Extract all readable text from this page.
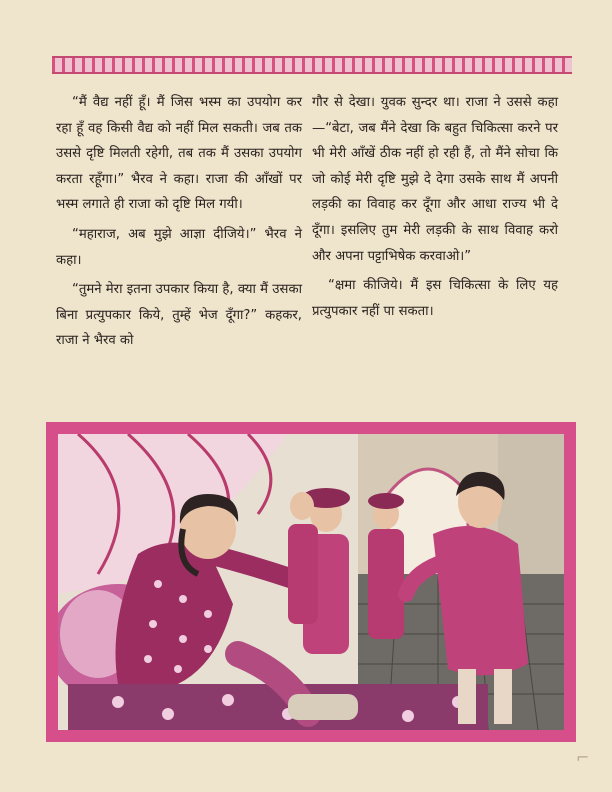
“मैं वैद्य नहीं हूँ। मैं जिस भस्म का उपयोग कर रहा हूँ वह किसी वैद्य को नहीं मिल सकती। जब तक उससे दृष्टि मिलती रहेगी, तब तक मैं उसका उपयोग करता रहूँगा।” भैरव ने कहा। राजा की आँखों पर भस्म लगाते ही राजा को दृष्टि मिल गयी।

“महाराज, अब मुझे आज्ञा दीजिये।” भैरव ने कहा।

“तुमने मेरा इतना उपकार किया है, क्या मैं उसका बिना प्रत्युपकार किये, तुम्हें भेज दूँगा?” कहकर, राजा ने भैरव को

गौर से देखा। युवक सुन्दर था। राजा ने उससे कहा—“बेटा, जब मैंने देखा कि बहुत चिकित्सा करने पर भी मेरी आँखें ठीक नहीं हो रही हैं, तो मैंने सोचा कि जो कोई मेरी दृष्टि मुझे दे देगा उसके साथ मैं अपनी लड़की का विवाह कर दूँगा और आधा राज्य भी दे दूँगा। इसलिए तुम मेरी लड़की के साथ विवाह करो और अपना पट्टाभिषेक करवाओ।”

“क्षमा कीजिये। मैं इस चिकित्सा के लिए यह प्रत्युपकार नहीं पा सकता।

⌐
